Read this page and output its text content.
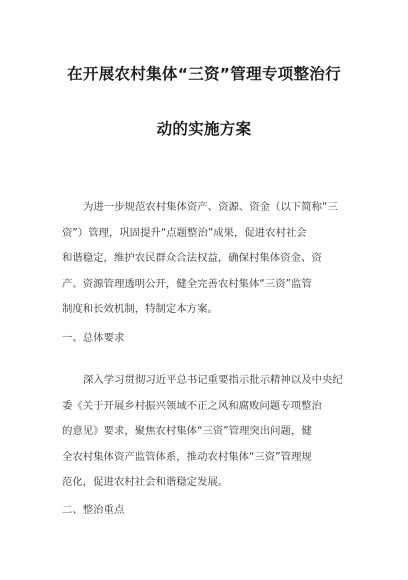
在开展农村集体“三资”管理专项整治行
动的实施方案
为进一步规范农村集体资产、资源、资金（以下简称“三
资”）管理，巩固提升“点题整治”成果，促进农村社会
和谐稳定，维护农民群众合法权益，确保村集体资金、资
产、资源管理透明公开，健全完善农村集体“三资”监管
制度和长效机制，特制定本方案。
一、总体要求
深入学习贯彻习近平总书记重要指示批示精神以及中央纪
委《关于开展乡村振兴领域不正之风和腐败问题专项整治
的意见》要求，聚焦农村集体“三资”管理突出问题，健
全农村集体资产监管体系，推动农村集体“三资”管理规
范化，促进农村社会和谐稳定发展。
二、整治重点
